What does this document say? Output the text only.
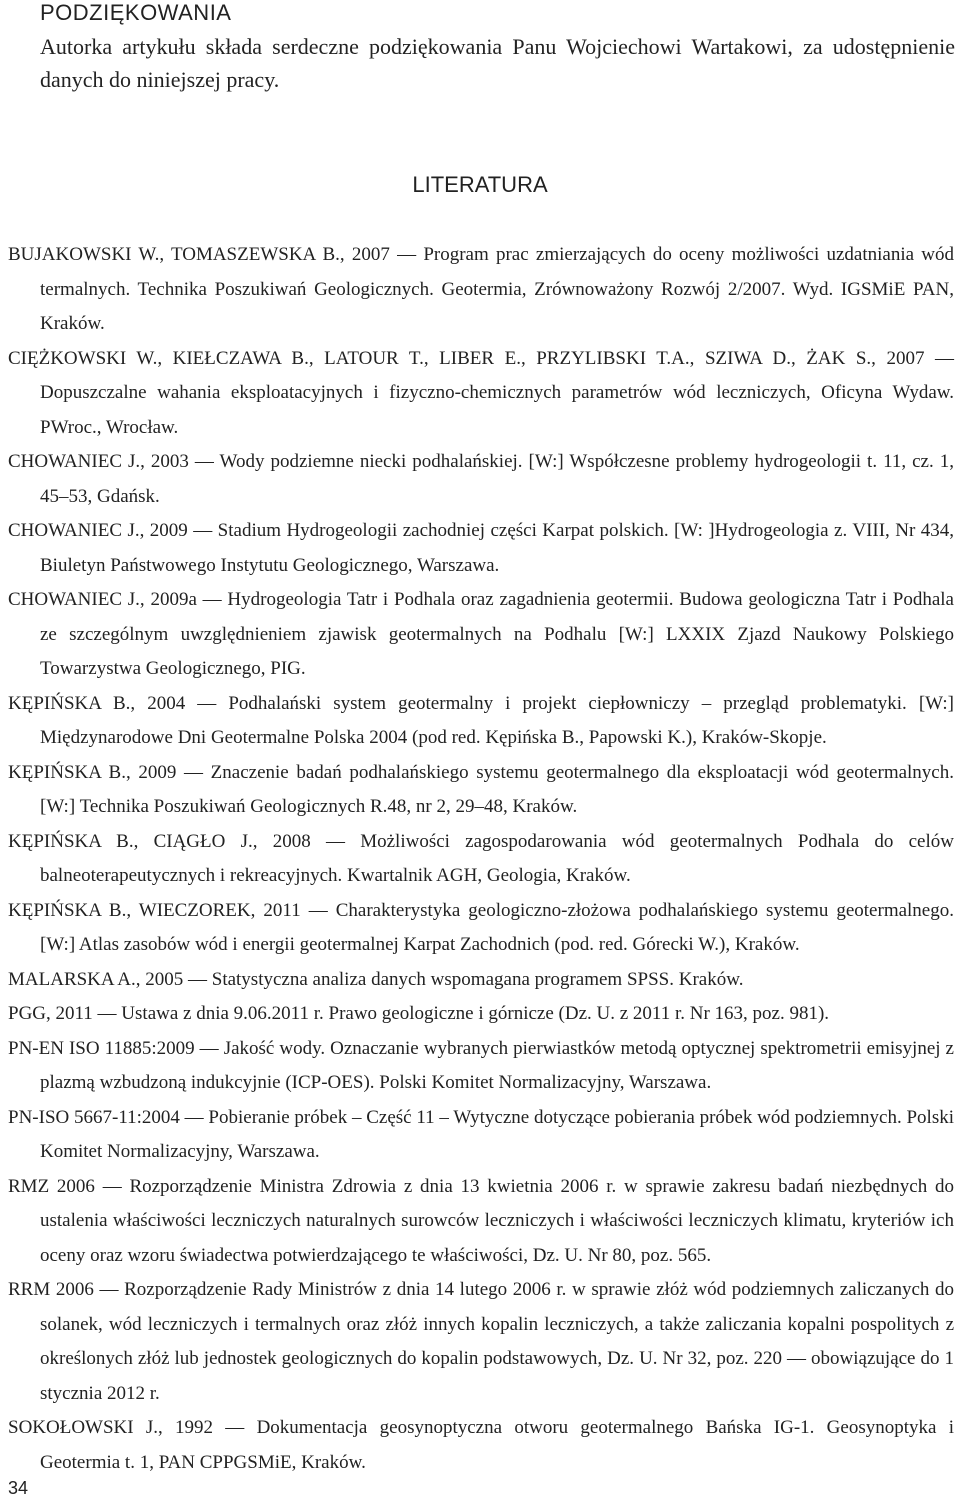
PODZIĘKOWANIA
Autorka artykułu składa serdeczne podziękowania Panu Wojciechowi Wartakowi, za udostępnienie danych do niniejszej pracy.
LITERATURA

BUJAKOWSKI W., TOMASZEWSKA B., 2007 — Program prac zmierzających do oceny możliwości uzdatniania wód termalnych. Technika Poszukiwań Geologicznych. Geotermia, Zrównoważony Rozwój 2/2007. Wyd. IGSMiE PAN, Kraków.

CIĘŻKOWSKI W., KIEŁCZAWA B., LATOUR T., LIBER E., PRZYLIBSKI T.A., SZIWA D., ŻAK S., 2007 — Dopuszczalne wahania eksploatacyjnych i fizyczno-chemicznych parametrów wód leczniczych, Oficyna Wydaw. PWroc., Wrocław.

CHOWANIEC J., 2003 — Wody podziemne niecki podhalańskiej. [W:] Współczesne problemy hydrogeologii t. 11, cz. 1, 45–53, Gdańsk.

CHOWANIEC J., 2009 — Stadium Hydrogeologii zachodniej części Karpat polskich. [W: ]Hydrogeologia z. VIII, Nr 434, Biuletyn Państwowego Instytutu Geologicznego, Warszawa.

CHOWANIEC J., 2009a — Hydrogeologia Tatr i Podhala oraz zagadnienia geotermii. Budowa geologiczna Tatr i Podhala ze szczególnym uwzględnieniem zjawisk geotermalnych na Podhalu [W:] LXXIX Zjazd Naukowy Polskiego Towarzystwa Geologicznego, PIG.

KĘPIŃSKA B., 2004 — Podhalański system geotermalny i projekt ciepłowniczy – przegląd problematyki. [W:] Międzynarodowe Dni Geotermalne Polska 2004 (pod red. Kępińska B., Papowski K.), Kraków-Skopje.

KĘPIŃSKA B., 2009 — Znaczenie badań podhalańskiego systemu geotermalnego dla eksploatacji wód geotermalnych. [W:] Technika Poszukiwań Geologicznych R.48, nr 2, 29–48, Kraków.

KĘPIŃSKA B., CIĄGŁO J., 2008 — Możliwości zagospodarowania wód geotermalnych Podhala do celów balneoterapeutycznych i rekreacyjnych. Kwartalnik AGH, Geologia, Kraków.

KĘPIŃSKA B., WIECZOREK, 2011 — Charakterystyka geologiczno-złożowa podhalańskiego systemu geotermalnego. [W:] Atlas zasobów wód i energii geotermalnej Karpat Zachodnich (pod. red. Górecki W.), Kraków.

MALARSKA A., 2005 — Statystyczna analiza danych wspomagana programem SPSS. Kraków.

PGG, 2011 — Ustawa z dnia 9.06.2011 r. Prawo geologiczne i górnicze (Dz. U. z 2011 r. Nr 163, poz. 981).

PN-EN ISO 11885:2009 — Jakość wody. Oznaczanie wybranych pierwiastków metodą optycznej spektrometrii emisyjnej z plazmą wzbudzoną indukcyjnie (ICP-OES). Polski Komitet Normalizacyjny, Warszawa.

PN-ISO 5667-11:2004 — Pobieranie próbek – Część 11 – Wytyczne dotyczące pobierania próbek wód podziemnych. Polski Komitet Normalizacyjny, Warszawa.

RMZ 2006 — Rozporządzenie Ministra Zdrowia z dnia 13 kwietnia 2006 r. w sprawie zakresu badań niezbędnych do ustalenia właściwości leczniczych naturalnych surowców leczniczych i właściwości leczniczych klimatu, kryteriów ich oceny oraz wzoru świadectwa potwierdzającego te właściwości, Dz. U. Nr 80, poz. 565.

RRM 2006 — Rozporządzenie Rady Ministrów z dnia 14 lutego 2006 r. w sprawie złóż wód podziemnych zaliczanych do solanek, wód leczniczych i termalnych oraz złóż innych kopalin leczniczych, a także zaliczania kopalni pospolitych z określonych złóż lub jednostek geologicznych do kopalin podstawowych, Dz. U. Nr 32, poz. 220 — obowiązujące do 1 stycznia 2012 r.

SOKOŁOWSKI J., 1992 — Dokumentacja geosynoptyczna otworu geotermalnego Bańska IG-1. Geosynoptyka i Geotermia t. 1, PAN CPPGSMiE, Kraków.

34
